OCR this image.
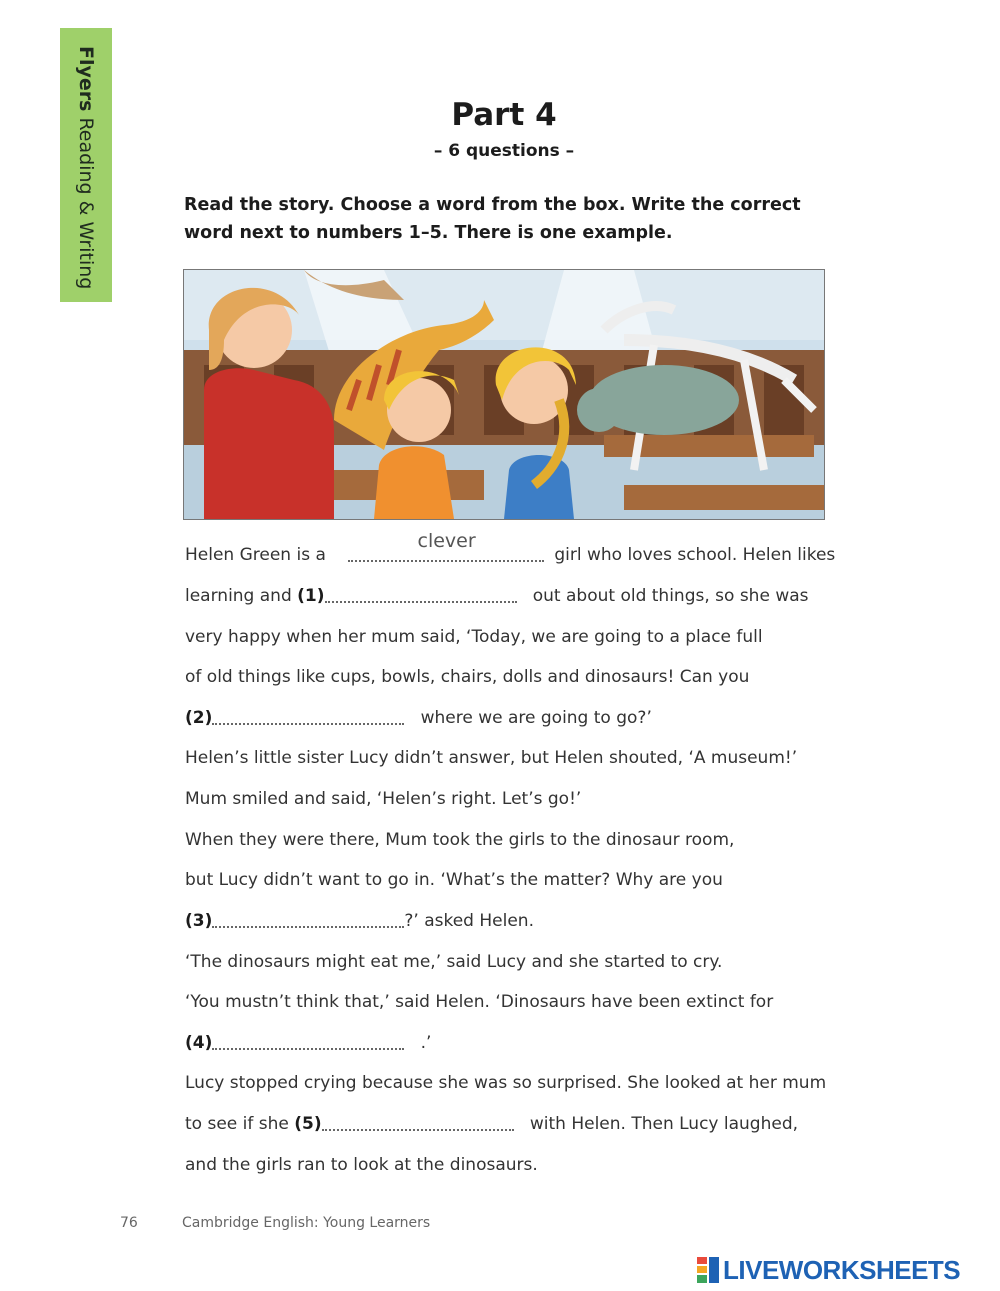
FlyersReading & Writing
Part 4
– 6 questions –
Read the story. Choose a word from the box. Write the correct word next to numbers 1–5. There is one example.
Helen Green is a
clever
girl who loves school. Helen likes
learning and (1)	out about old things, so she was
very happy when her mum said, ‘Today, we are going to a place full
of old things like cups, bowls, chairs, dolls and dinosaurs! Can you
(2)	where we are going to go?’
Helen’s little sister Lucy didn’t answer, but Helen shouted, ‘A museum!’
Mum smiled and said, ‘Helen’s right. Let’s go!’
When they were there, Mum took the girls to the dinosaur room,
but Lucy didn’t want to go in. ‘What’s the matter? Why are you
(3)	?’ asked Helen.
‘The dinosaurs might eat me,’ said Lucy and she started to cry.
‘You mustn’t think that,’ said Helen. ‘Dinosaurs have been extinct for
(4)	.’
Lucy stopped crying because she was so surprised. She looked at her mum
to see if she (5)	with Helen. Then Lucy laughed,
and the girls ran to look at the dinosaurs.
76	Cambridge English: Young Learners
LIVEWORKSHEETS
